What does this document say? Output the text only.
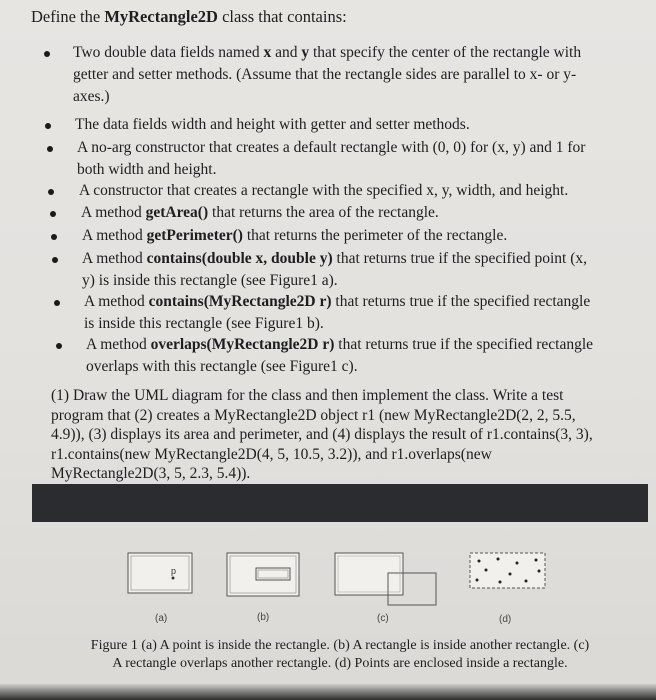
Define the MyRectangle2D class that contains:
Two double data fields named x and y that specify the center of the rectangle with
getter and setter methods. (Assume that the rectangle sides are parallel to x- or y-
axes.)
The data fields width and height with getter and setter methods.
A no-arg constructor that creates a default rectangle with (0, 0) for (x, y) and 1 for
both width and height.
A constructor that creates a rectangle with the specified x, y, width, and height.
A method getArea() that returns the area of the rectangle.
A method getPerimeter() that returns the perimeter of the rectangle.
A method contains(double x, double y) that returns true if the specified point (x,
y) is inside this rectangle (see Figure1 a).
A method contains(MyRectangle2D r) that returns true if the specified rectangle
is inside this rectangle (see Figure1 b).
A method overlaps(MyRectangle2D r) that returns true if the specified rectangle
overlaps with this rectangle (see Figure1 c).
(1) Draw the UML diagram for the class and then implement the class. Write a test
program that (2) creates a MyRectangle2D object r1 (new MyRectangle2D(2, 2, 5.5,
4.9)), (3) displays its area and perimeter, and (4) displays the result of r1.contains(3, 3),
r1.contains(new MyRectangle2D(4, 5, 10.5, 3.2)), and r1.overlaps(new
MyRectangle2D(3, 5, 2.3, 5.4)).
p
(a)	(b)	(c)	(d)
Figure 1 (a) A point is inside the rectangle. (b) A rectangle is inside another rectangle. (c)
A rectangle overlaps another rectangle. (d) Points are enclosed inside a rectangle.
